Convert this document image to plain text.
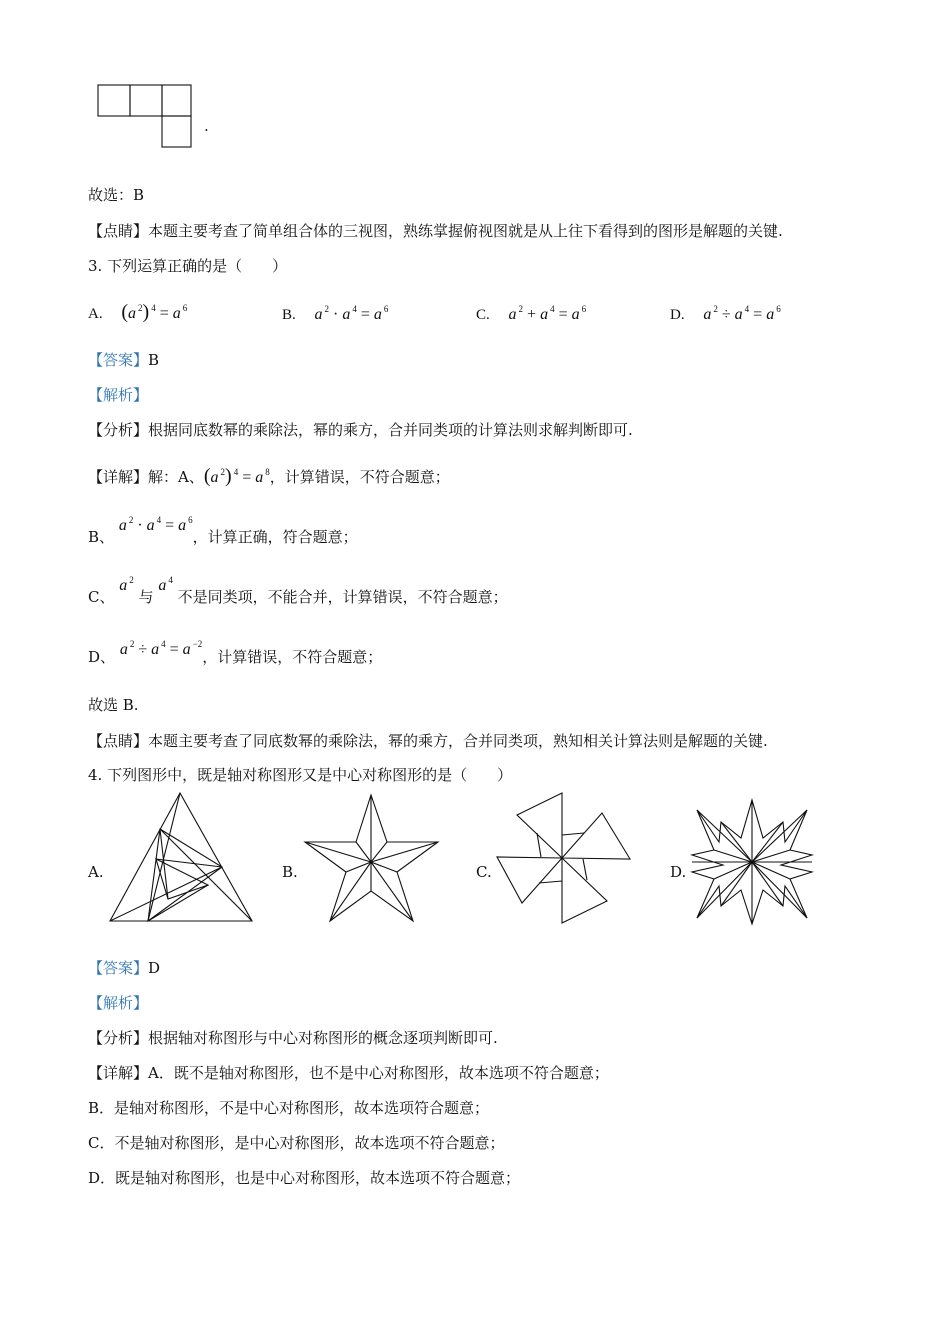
.
故选：B
【点睛】本题主要考查了简单组合体的三视图，熟练掌握俯视图就是从上往下看得到的图形是解题的关键.
3. 下列运算正确的是（　　）
A. (a $^2$) $^4$ = a $^6$	B. a $^2$ · a $^4$ = a $^6$	C. a $^2$ + a $^4$ = a $^6$	D. a $^2$ ÷ a $^4$ = a $^6$
【答案】B
【解析】
【分析】根据同底数幂的乘除法，幂的乘方，合并同类项的计算法则求解判断即可.
【详解】解：A、(a $^2$) $^4$ = a $^8$，计算错误，不符合题意；
B、 a $^2$ · a $^4$ = a $^6$，计算正确，符合题意；
C、 a $^2$ 与 a $^4$ 不是同类项，不能合并，计算错误，不符合题意；
D、 a $^2$ ÷ a $^4$ = a $^{-2}$，计算错误，不符合题意；
故选 B.
【点睛】本题主要考查了同底数幂的乘除法，幂的乘方，合并同类项，熟知相关计算法则是解题的关键.
4. 下列图形中，既是轴对称图形又是中心对称图形的是（　　）
A.	B.	C.	D.
【答案】D
【解析】
【分析】根据轴对称图形与中心对称图形的概念逐项判断即可.
【详解】A．既不是轴对称图形，也不是中心对称图形，故本选项不符合题意；
B．是轴对称图形，不是中心对称图形，故本选项符合题意；
C．不是轴对称图形，是中心对称图形，故本选项不符合题意；
D．既是轴对称图形，也是中心对称图形，故本选项不符合题意；
